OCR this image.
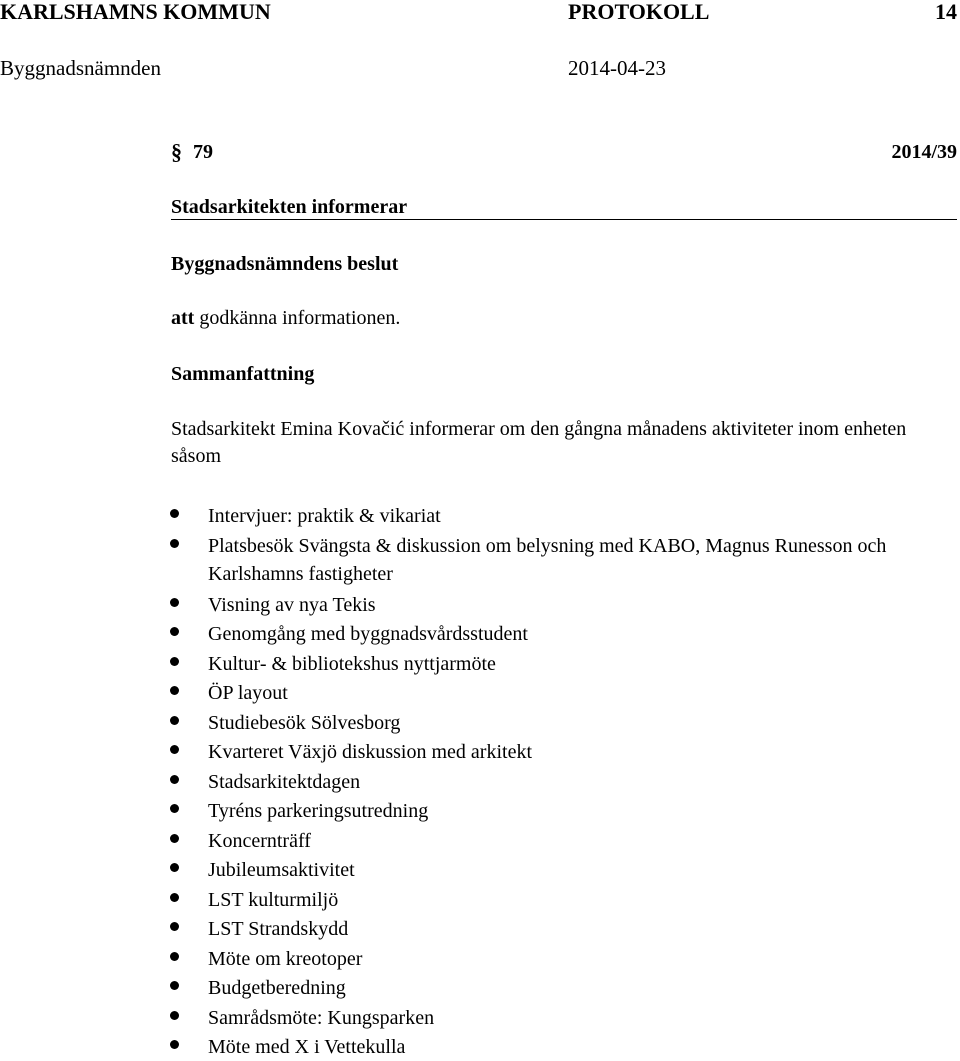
KARLSHAMNS KOMMUN	PROTOKOLL	14
Byggnadsnämnden	2014-04-23
§ 79	2014/39
Stadsarkitekten informerar
Byggnadsnämndens beslut
att godkänna informationen.
Sammanfattning
Stadsarkitekt Emina Kovačić informerar om den gångna månadens aktiviteter inom enheten såsom
Intervjuer: praktik & vikariat
Platsbesök Svängsta & diskussion om belysning med KABO, Magnus Runesson och Karlshamns fastigheter
Visning av nya Tekis
Genomgång med byggnadsvårdsstudent
Kultur- & bibliotekshus nyttjarmöte
ÖP layout
Studiebesök Sölvesborg
Kvarteret Växjö diskussion med arkitekt
Stadsarkitektdagen
Tyréns parkeringsutredning
Koncernträff
Jubileumsaktivitet
LST kulturmiljö
LST Strandskydd
Möte om kreotoper
Budgetberedning
Samrådsmöte: Kungsparken
Möte med X i Vettekulla
